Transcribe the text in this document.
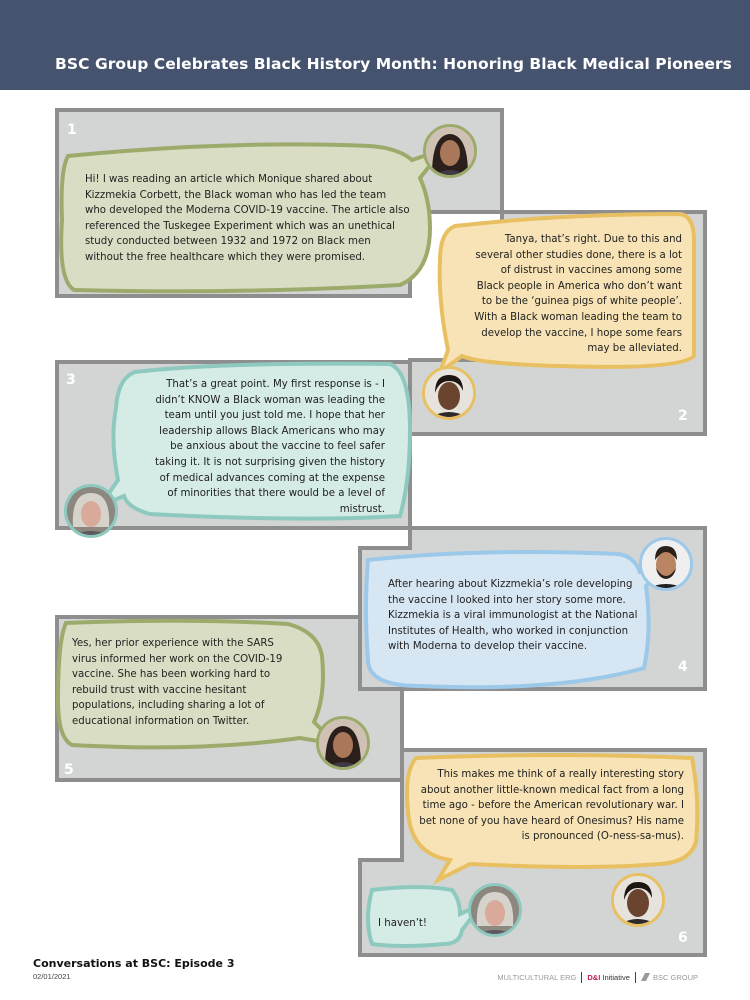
BSC Group Celebrates Black History Month: Honoring Black Medical Pioneers
1
2
3
4
5
6

Hi! I was reading an article which Monique shared about Kizzmekia Corbett, the Black woman who has led the team who developed the Moderna COVID-19 vaccine. The article also referenced the Tuskegee Experiment which was an unethical study conducted between 1932 and 1972 on Black men without the free healthcare which they were promised.

Tanya, that’s right. Due to this and several other studies done, there is a lot of distrust in vaccines among some Black people in America who don’t want to be the ‘guinea pigs of white people’. With a Black woman leading the team to develop the vaccine, I hope some fears may be alleviated.

That’s a great point. My first response is - I didn’t KNOW a Black woman was leading the team until you just told me. I hope that her leadership allows Black Americans who may be anxious about the vaccine to feel safer taking it. It is not surprising given the history of medical advances coming at the expense of minorities that there would be a level of mistrust.

After hearing about Kizzmekia’s role developing the vaccine I looked into her story some more. Kizzmekia is a viral immunologist at the National Institutes of Health, who worked in conjunction with Moderna to develop their vaccine.

Yes, her prior experience with the SARS virus informed her work on the COVID-19 vaccine. She has been working hard to rebuild trust with vaccine hesitant populations, including sharing a lot of educational information on Twitter.

This makes me think of a really interesting story about another little-known medical fact from a long time ago - before the American revolutionary war. I bet none of you have heard of Onesimus? His name is pronounced (O-ness-sa-mus).

I haven’t!

Conversations at BSC: Episode 3
02/01/2021	MULTICULTURAL ERG D&I Initiative	BSC GROUP
